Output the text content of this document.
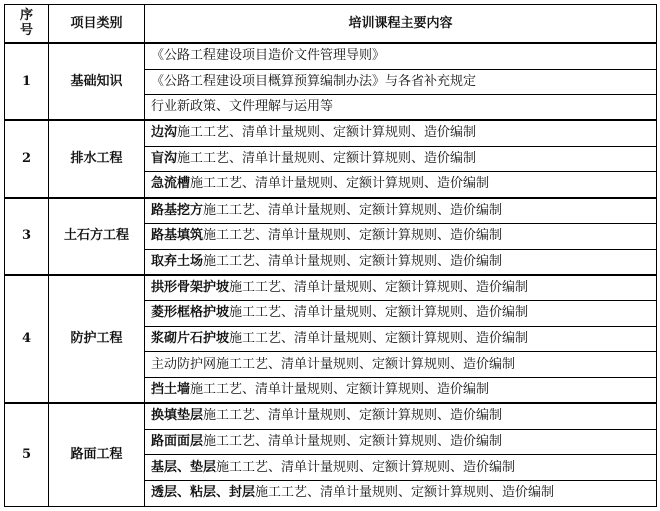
序
号	项目类别	培训课程主要内容
1	基础知识	《公路工程建设项目造价文件管理导则》
		《公路工程建设项目概算预算编制办法》与各省补充规定
		行业新政策、文件理解与运用等
2	排水工程	边沟施工工艺、清单计量规则、定额计算规则、造价编制
		盲沟施工工艺、清单计量规则、定额计算规则、造价编制
		急流槽施工工艺、清单计量规则、定额计算规则、造价编制
3	土石方工程	路基挖方施工工艺、清单计量规则、定额计算规则、造价编制
		路基填筑施工工艺、清单计量规则、定额计算规则、造价编制
		取弃土场施工工艺、清单计量规则、定额计算规则、造价编制
4	防护工程	拱形骨架护坡施工工艺、清单计量规则、定额计算规则、造价编制
		菱形框格护坡施工工艺、清单计量规则、定额计算规则、造价编制
		浆砌片石护坡施工工艺、清单计量规则、定额计算规则、造价编制
		主动防护网施工工艺、清单计量规则、定额计算规则、造价编制
		挡土墙施工工艺、清单计量规则、定额计算规则、造价编制
5	路面工程	换填垫层施工工艺、清单计量规则、定额计算规则、造价编制
		路面面层施工工艺、清单计量规则、定额计算规则、造价编制
		基层、垫层施工工艺、清单计量规则、定额计算规则、造价编制
		透层、粘层、封层施工工艺、清单计量规则、定额计算规则、造价编制
